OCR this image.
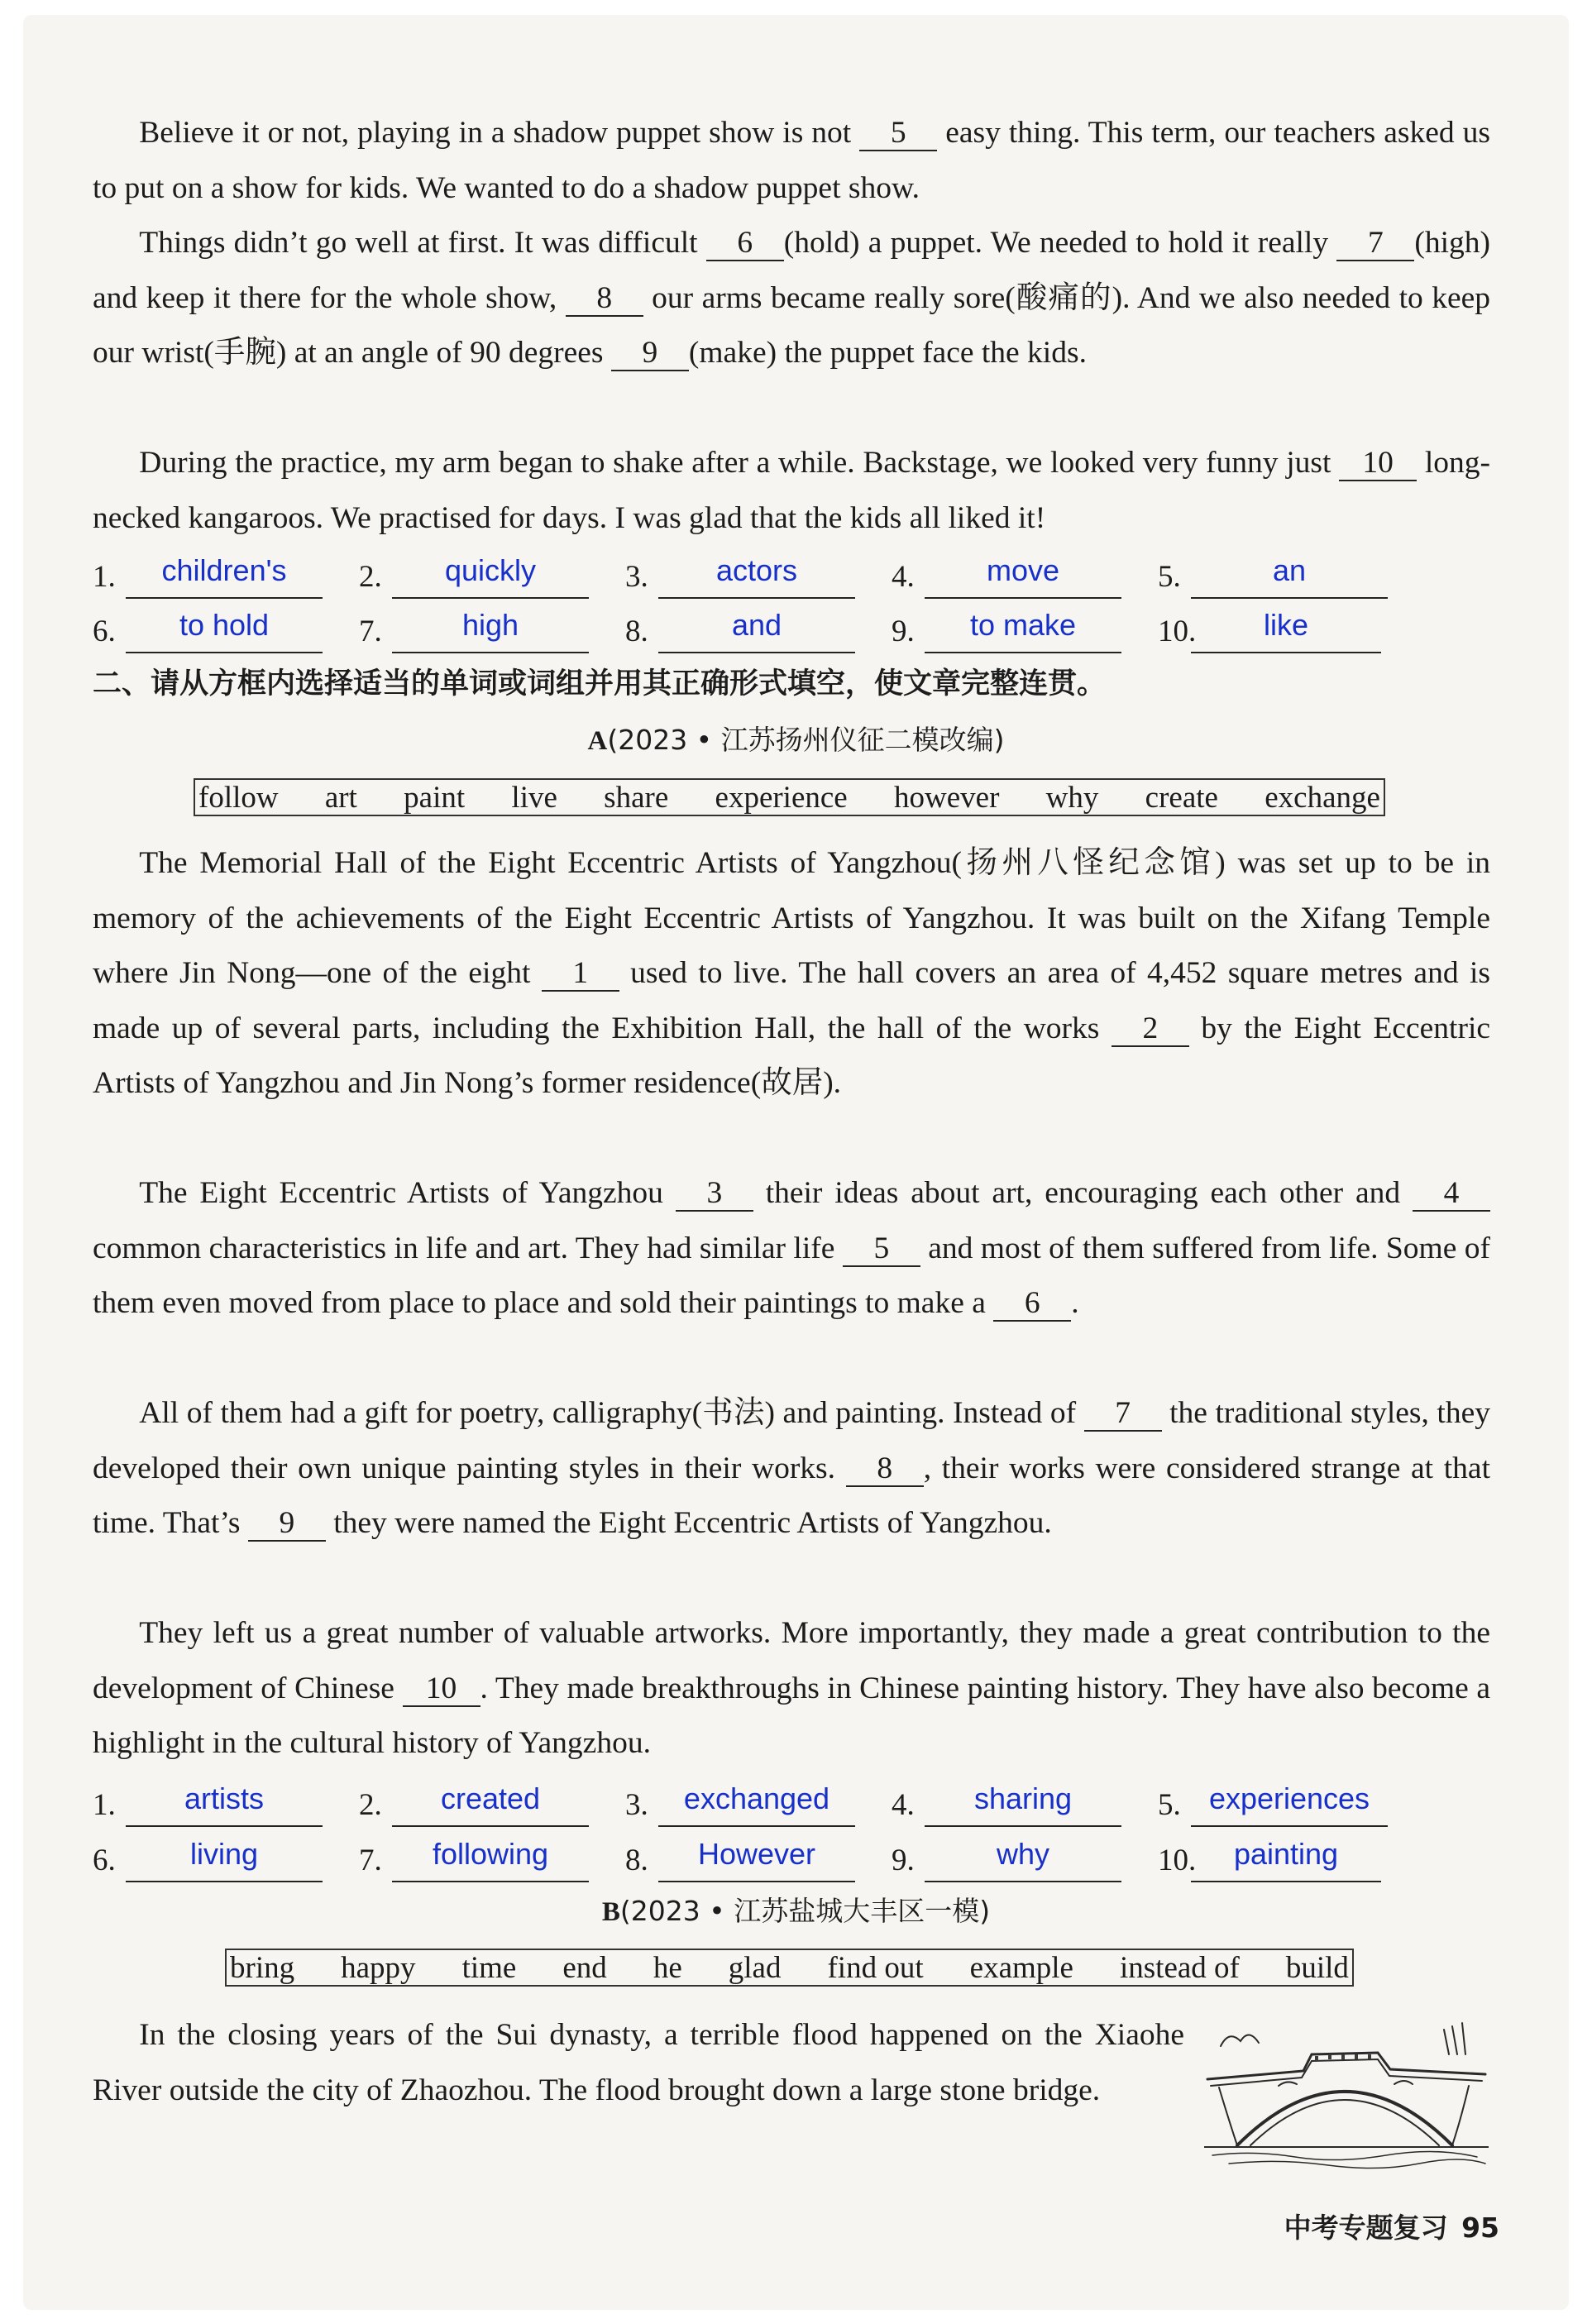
  Believe it or not, playing in a shadow puppet show is not 5 easy thing. This term, our teachers asked us to put on a show for kids. We wanted to do a shadow puppet show.

  Things didn’t go well at first. It was difficult 6 (hold) a puppet. We needed to hold it really 7 (high) and keep it there for the whole show, 8 our arms became really sore(酸痛的). And we also needed to keep our wrist(手腕) at an angle of 90 degrees 9 (make) the puppet face the kids.

  During the practice, my arm began to shake after a while. Backstage, we looked very funny just 10 long-necked kangaroos. We practised for days. I was glad that the kids all liked it!

1.	children's	2.	quickly	3.	actors	4.	move	5.	an
6.	to hold	7.	high	8.	and	9.	to make	10.	like
二、请从方框内选择适当的单词或词组并用其正确形式填空，使文章完整连贯。
A(2023 • 江苏扬州仪征二模改编)
follow art paint live share experience however why create exchange

  The Memorial Hall of the Eight Eccentric Artists of Yangzhou(扬州八怪纪念馆) was set up to be in memory of the achievements of the Eight Eccentric Artists of Yangzhou. It was built on the Xifang Temple where Jin Nong—one of the eight 1 used to live. The hall covers an area of 4,452 square metres and is made up of several parts, including the Exhibition Hall, the hall of the works 2 by the Eight Eccentric Artists of Yangzhou and Jin Nong’s former residence(故居).

  The Eight Eccentric Artists of Yangzhou 3 their ideas about art, encouraging each other and 4 common characteristics in life and art. They had similar life 5 and most of them suffered from life. Some of them even moved from place to place and sold their paintings to make a 6 .

  All of them had a gift for poetry, calligraphy(书法) and painting. Instead of 7 the traditional styles, they developed their own unique painting styles in their works. 8 , their works were considered strange at that time. That’s 9 they were named the Eight Eccentric Artists of Yangzhou.

  They left us a great number of valuable artworks. More importantly, they made a great contribution to the development of Chinese 10 . They made breakthroughs in Chinese painting history. They have also become a highlight in the cultural history of Yangzhou.

1.	artists	2.	created	3.	exchanged	4.	sharing	5. experiences
6.	living	7.	following	8.	However	9.	why	10.	painting
B(2023 • 江苏盐城大丰区一模)
bring happy time end he glad find out example instead of build

  In the closing years of the Sui dynasty, a terrible flood happened on the Xiaohe River outside the city of Zhaozhou. The flood brought down a large stone bridge.

中考专题复习  95
